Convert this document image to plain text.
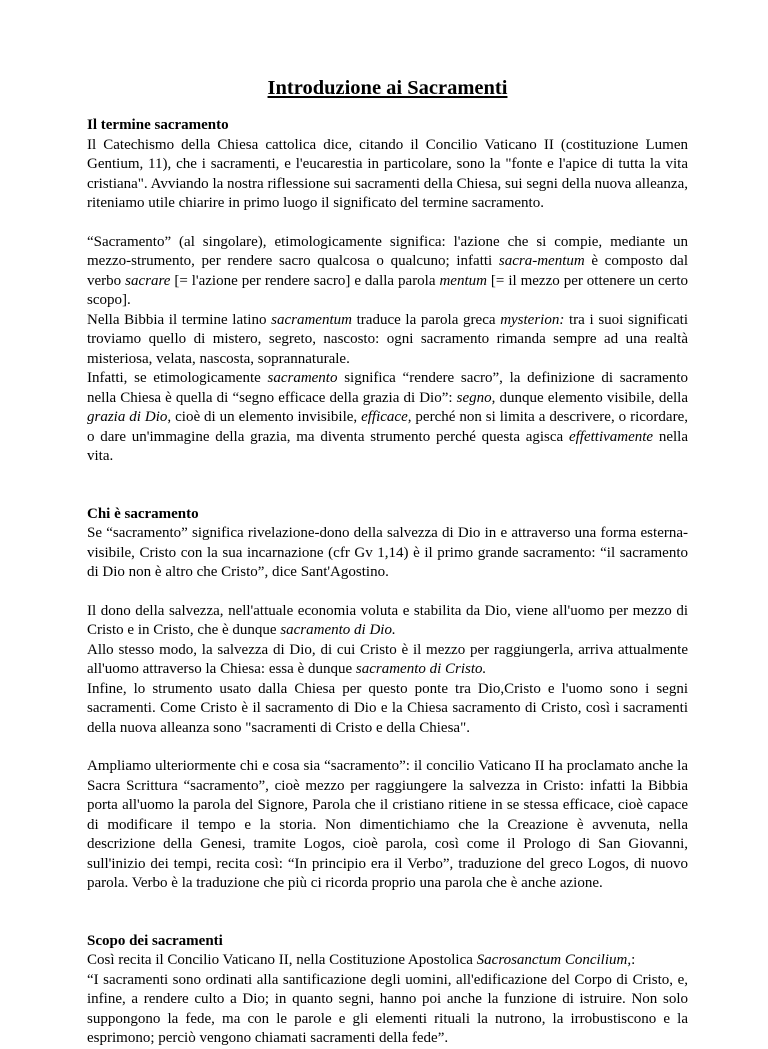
Introduzione ai Sacramenti
Il termine sacramento

Il Catechismo della Chiesa cattolica dice, citando il Concilio Vaticano II (costituzione Lumen Gentium, 11), che i sacramenti, e l'eucarestia in particolare, sono la "fonte e l'apice di tutta la vita cristiana". Avviando la nostra riflessione sui sacramenti della Chiesa, sui segni della nuova alleanza, riteniamo utile chiarire in primo luogo il significato del termine sacramento.

“Sacramento” (al singolare), etimologicamente significa: l'azione che si compie, mediante un mezzo-strumento, per rendere sacro qualcosa o qualcuno; infatti sacra-mentum è composto dal verbo sacrare [= l'azione per rendere sacro] e dalla parola mentum [= il mezzo per ottenere un certo scopo].

Nella Bibbia il termine latino sacramentum traduce la parola greca mysterion: tra i suoi significati troviamo quello di mistero, segreto, nascosto: ogni sacramento rimanda sempre ad una realtà misteriosa, velata, nascosta, soprannaturale.

Infatti, se etimologicamente sacramento significa “rendere sacro”, la definizione di sacramento nella Chiesa è quella di “segno efficace della grazia di Dio”: segno, dunque elemento visibile, della grazia di Dio, cioè di un elemento invisibile, efficace, perché non si limita a descrivere, o ricordare, o dare un'immagine della grazia, ma diventa strumento perché questa agisca effettivamente nella vita.

Chi è sacramento

Se “sacramento” significa rivelazione-dono della salvezza di Dio in e attraverso una forma esterna-visibile, Cristo con la sua incarnazione (cfr Gv 1,14) è il primo grande sacramento: “il sacramento di Dio non è altro che Cristo”, dice Sant'Agostino.

Il dono della salvezza, nell'attuale economia voluta e stabilita da Dio, viene all'uomo per mezzo di Cristo e in Cristo, che è dunque sacramento di Dio.

Allo stesso modo, la salvezza di Dio, di cui Cristo è il mezzo per raggiungerla, arriva attualmente all'uomo attraverso la Chiesa: essa è dunque sacramento di Cristo.

Infine, lo strumento usato dalla Chiesa per questo ponte tra Dio,Cristo e l'uomo sono i segni sacramenti. Come Cristo è il sacramento di Dio e la Chiesa sacramento di Cristo, così i sacramenti della nuova alleanza sono "sacramenti di Cristo e della Chiesa".

Ampliamo ulteriormente chi e cosa sia “sacramento”: il concilio Vaticano II ha proclamato anche la Sacra Scrittura “sacramento”, cioè mezzo per raggiungere la salvezza in Cristo: infatti la Bibbia porta all'uomo la parola del Signore, Parola che il cristiano ritiene in se stessa efficace, cioè capace di modificare il tempo e la storia. Non dimentichiamo che la Creazione è avvenuta, nella descrizione della Genesi, tramite Logos, cioè parola, così come il Prologo di San Giovanni, sull'inizio dei tempi, recita così: “In principio era il Verbo”, traduzione del greco Logos, di nuovo parola. Verbo è la traduzione che più ci ricorda proprio una parola che è anche azione.

Scopo dei sacramenti

Così recita il Concilio Vaticano II, nella Costituzione Apostolica Sacrosanctum Concilium,:

“I sacramenti sono ordinati alla santificazione degli uomini, all'edificazione del Corpo di Cristo, e, infine, a rendere culto a Dio; in quanto segni, hanno poi anche la funzione di istruire. Non solo suppongono la fede, ma con le parole e gli elementi rituali la nutrono, la irrobustiscono e la esprimono; perciò vengono chiamati sacramenti della fede”.
